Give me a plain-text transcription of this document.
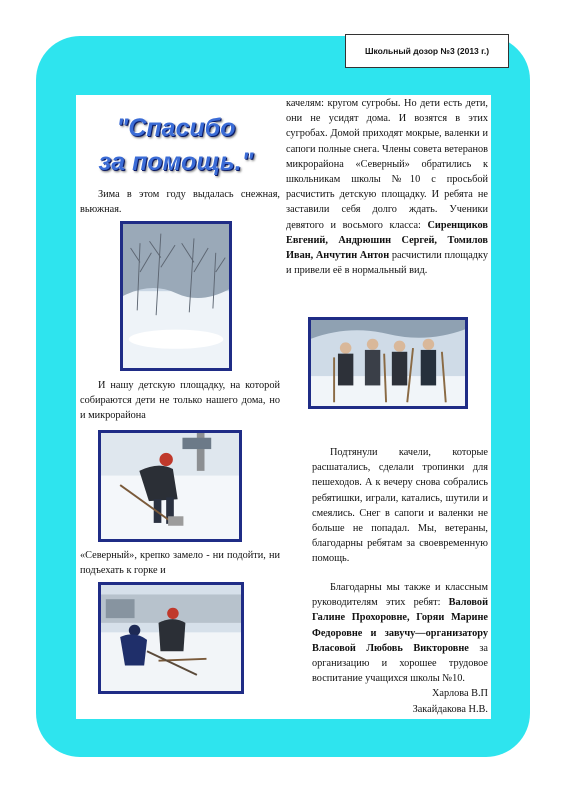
Школьный дозор №3 (2013 г.)
"Спасибо
за помощь."

Зима в этом году выдалась снежная, вьюжная.

И нашу детскую площадку, на которой собираются дети не только нашего дома, но и микрорайона

«Северный», крепко замело - ни подойти, ни подъехать к горке и

качелям: кругом сугробы. Но дети есть дети, они не усидят дома. И возятся в этих сугробах. Домой приходят мокрые, валенки и сапоги полные снега. Члены совета ветеранов микрорайона «Северный» обратились к школьникам школы №10 с просьбой расчистить детскую площадку. И ребята не заставили себя долго ждать. Ученики девятого и восьмого класса: Сиренщиков Евгений, Андрюшин Сергей, Томилов Иван, Анчутин Антон расчистили площадку и привели её в нормальный вид.

Подтянули качели, которые расшатались, сделали тропинки для пешеходов. А к вечеру снова собрались ребятишки, играли, катались, шутили и смеялись. Снег в сапоги и валенки не больше не попадал. Мы, ветераны, благодарны ребятам за своевременную помощь.

Благодарны мы также и классным руководителям этих ребят: Валовой Галине Прохоровне, Горяи Марине Федоровне и завучу—организатору Власовой Любовь Викторовне за организацию и хорошее трудовое воспитание учащихся школы №10.

Харлова В.П

Закайдакова Н.В.
